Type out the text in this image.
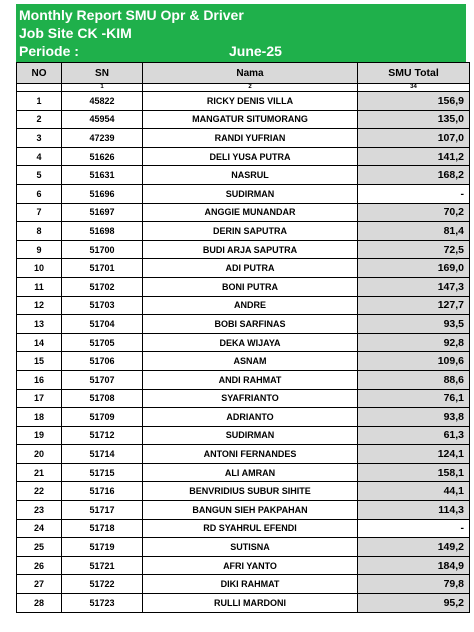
Monthly Report SMU Opr & Driver
Job Site CK -KIM
Periode :	June-25
NO	SN	Nama	SMU Total
	1	2	34
1	45822	RICKY DENIS VILLA	156,9
2	45954	MANGATUR SITUMORANG	135,0
3	47239	RANDI YUFRIAN	107,0
4	51626	DELI YUSA PUTRA	141,2
5	51631	NASRUL	168,2
6	51696	SUDIRMAN	-
7	51697	ANGGIE MUNANDAR	70,2
8	51698	DERIN SAPUTRA	81,4
9	51700	BUDI ARJA SAPUTRA	72,5
10	51701	ADI PUTRA	169,0
11	51702	BONI PUTRA	147,3
12	51703	ANDRE	127,7
13	51704	BOBI SARFINAS	93,5
14	51705	DEKA WIJAYA	92,8
15	51706	ASNAM	109,6
16	51707	ANDI RAHMAT	88,6
17	51708	SYAFRIANTO	76,1
18	51709	ADRIANTO	93,8
19	51712	SUDIRMAN	61,3
20	51714	ANTONI FERNANDES	124,1
21	51715	ALI AMRAN	158,1
22	51716	BENVRIDIUS SUBUR SIHITE	44,1
23	51717	BANGUN SIEH PAKPAHAN	114,3
24	51718	RD SYAHRUL EFENDI	-
25	51719	SUTISNA	149,2
26	51721	AFRI YANTO	184,9
27	51722	DIKI RAHMAT	79,8
28	51723	RULLI MARDONI	95,2
